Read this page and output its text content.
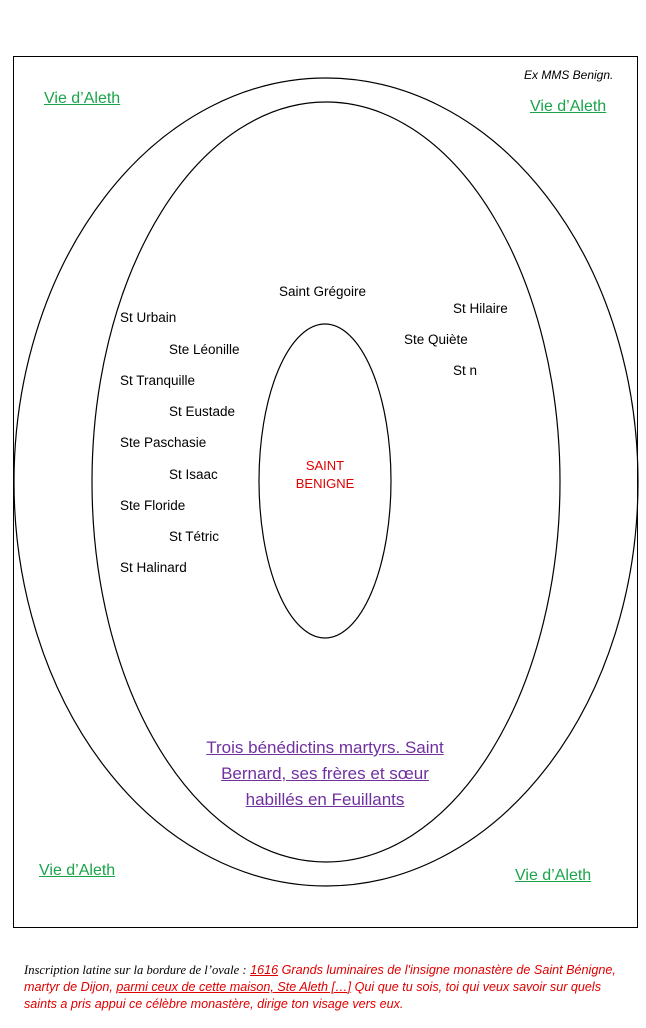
Ex MMS Benign.
Vie d’Aleth	Vie d’Aleth
Vie d’Aleth	Vie d’Aleth
Saint Grégoire
St Urbain
Ste Léonille
St Tranquille
St Eustade
Ste Paschasie
St Isaac
Ste Floride
St Tétric
St Halinard
St Hilaire
Ste Quiète
St n
SAINT
BENIGNE
Trois bénédictins martyrs. Saint Bernard, ses frères et sœur habillés en Feuillants
Inscription latine sur la bordure de l’ovale : 1616 Grands luminaires de l'insigne monastère de Saint Bénigne, martyr de Dijon, parmi ceux de cette maison, Ste Aleth […] Qui que tu sois, toi qui veux savoir sur quels saints a pris appui ce célèbre monastère, dirige ton visage vers eux.
